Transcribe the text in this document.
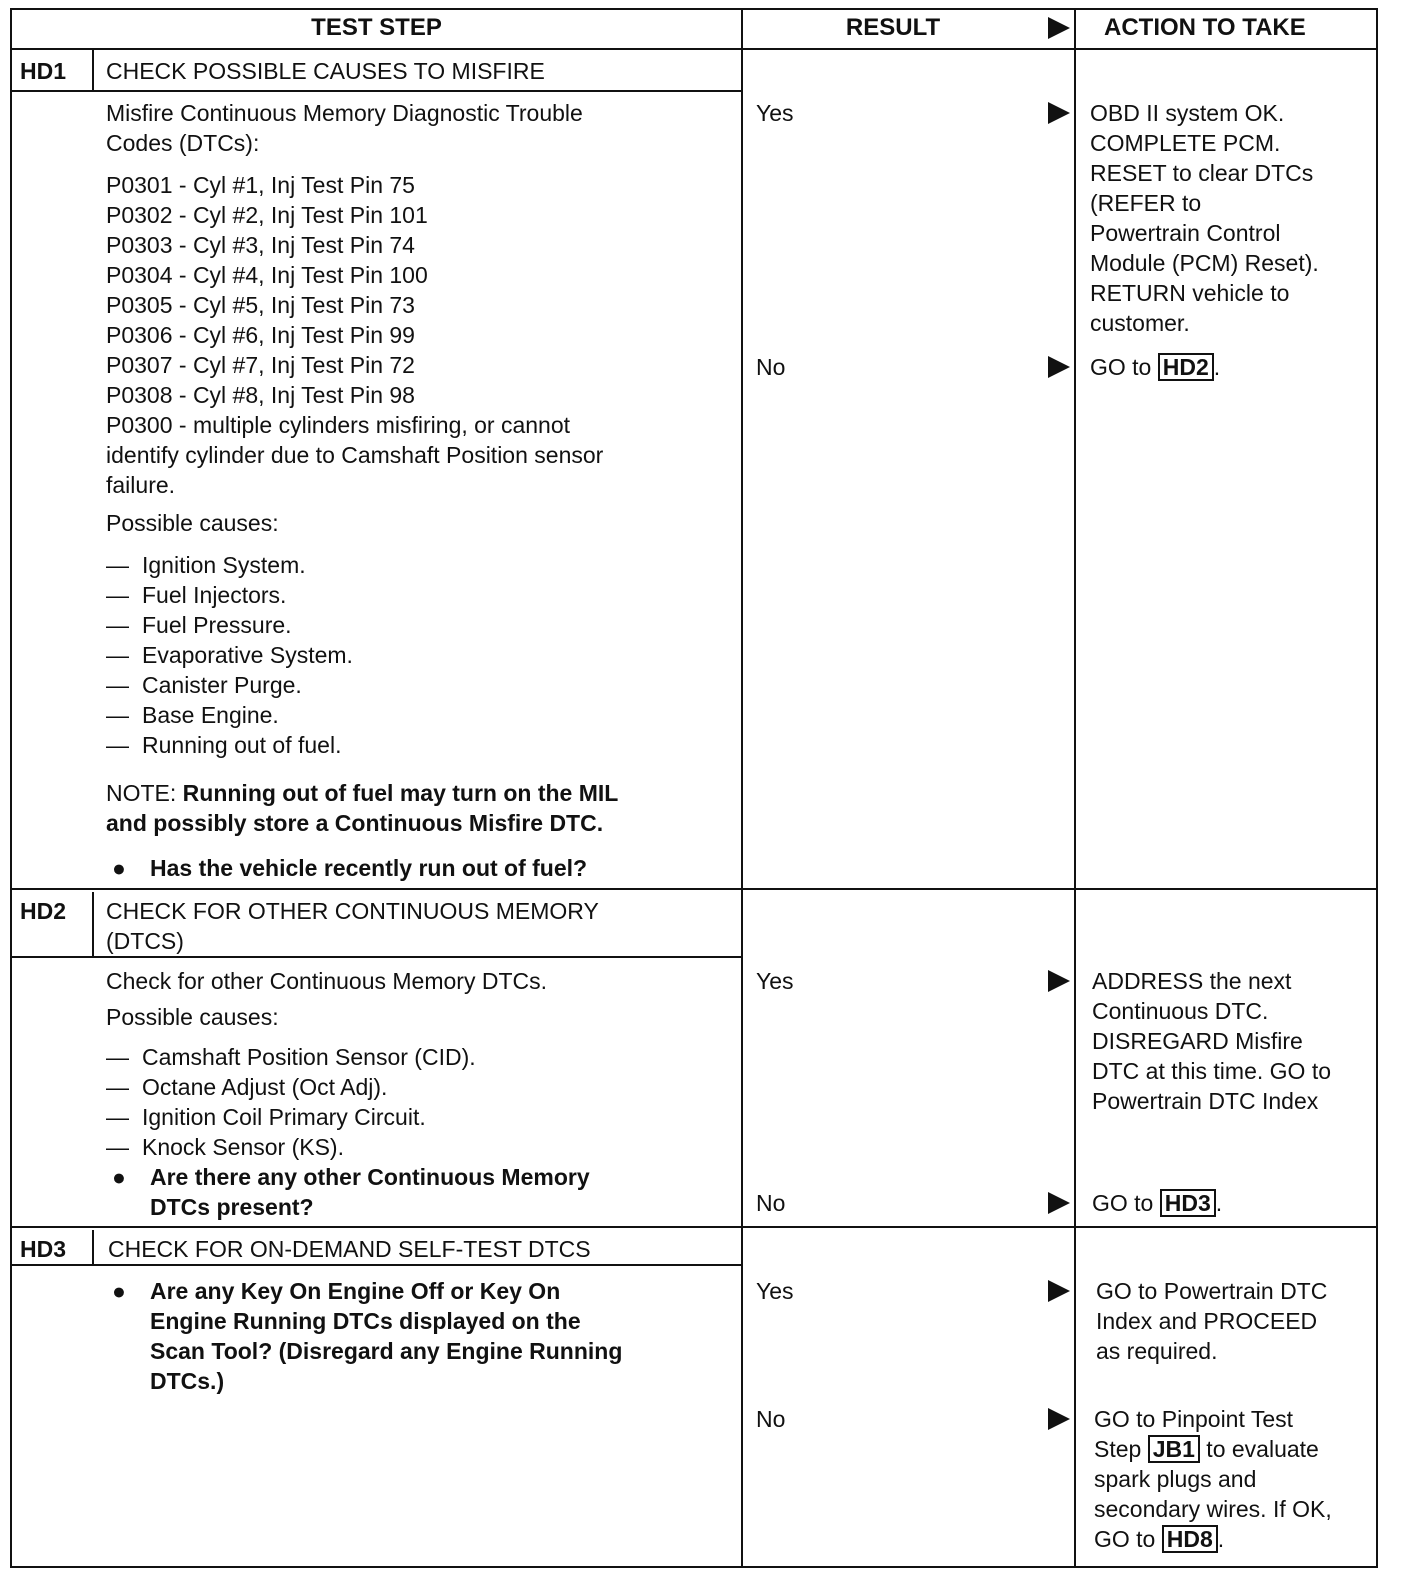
TEST STEP	RESULT	ACTION TO TAKE
HD1 CHECK POSSIBLE CAUSES TO MISFIRE
Misfire Continuous Memory Diagnostic Trouble
Codes (DTCs):
P0301 - Cyl #1, Inj Test Pin 75
P0302 - Cyl #2, Inj Test Pin 101
P0303 - Cyl #3, Inj Test Pin 74
P0304 - Cyl #4, Inj Test Pin 100
P0305 - Cyl #5, Inj Test Pin 73
P0306 - Cyl #6, Inj Test Pin 99
P0307 - Cyl #7, Inj Test Pin 72
P0308 - Cyl #8, Inj Test Pin 98
P0300 - multiple cylinders misfiring, or cannot
identify cylinder due to Camshaft Position sensor
failure.
Possible causes:
— Ignition System.
— Fuel Injectors.
— Fuel Pressure.
— Evaporative System.
— Canister Purge.
— Base Engine.
— Running out of fuel.
NOTE: Running out of fuel may turn on the MIL
and possibly store a Continuous Misfire DTC.
● Has the vehicle recently run out of fuel?
Yes	OBD II system OK.
COMPLETE PCM.
RESET to clear DTCs
(REFER to
Powertrain Control
Module (PCM) Reset).
RETURN vehicle to
customer.
No	GO to HD2 .
HD2 CHECK FOR OTHER CONTINUOUS MEMORY
(DTCS)
Check for other Continuous Memory DTCs.
Possible causes:
— Camshaft Position Sensor (CID).
— Octane Adjust (Oct Adj).
— Ignition Coil Primary Circuit.
— Knock Sensor (KS).
● Are there any other Continuous Memory
DTCs present?
Yes	ADDRESS the next
Continuous DTC.
DISREGARD Misfire
DTC at this time. GO to
Powertrain DTC Index
No	GO to HD3 .
HD3 CHECK FOR ON-DEMAND SELF-TEST DTCS
● Are any Key On Engine Off or Key On
Engine Running DTCs displayed on the
Scan Tool? (Disregard any Engine Running
DTCs.)
Yes	GO to Powertrain DTC
Index and PROCEED
as required.
No	GO to Pinpoint Test
Step JB1 to evaluate
spark plugs and
secondary wires. If OK,
GO to HD8 .
